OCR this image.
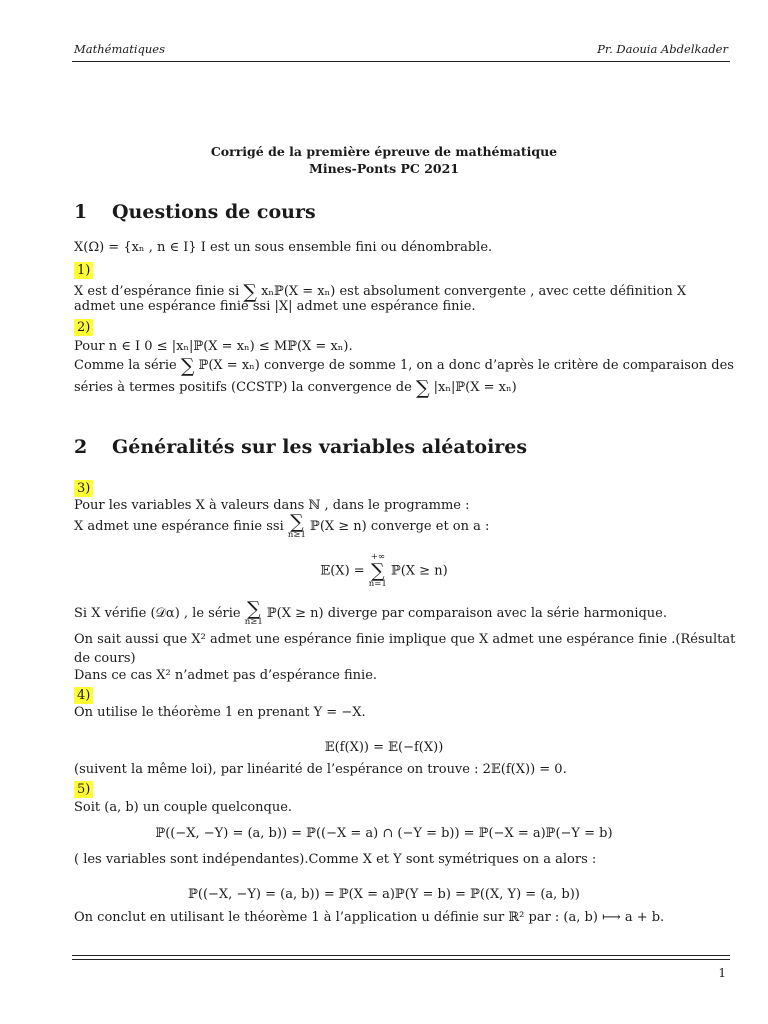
Mathématiques	Pr. Daouia Abdelkader
Corrigé de la première épreuve de mathématique
Mines-Ponts PC 2021
1 Questions de cours
X(Ω) = {xₙ , n ∈ I} I est un sous ensemble fini ou dénombrable.
1)
X est d’espérance finie si ∑ xₙℙ(X = xₙ) est absolument convergente , avec cette définition X
admet une espérance finie ssi |X| admet une espérance finie.
2)
Pour n ∈ I 0 ≤ |xₙ|ℙ(X = xₙ) ≤ Mℙ(X = xₙ).
Comme la série ∑ ℙ(X = xₙ) converge de somme 1, on a donc d’après le critère de comparaison des
séries à termes positifs (CCSTP) la convergence de ∑ |xₙ|ℙ(X = xₙ)
2 Généralités sur les variables aléatoires
3)
Pour les variables X à valeurs dans ℕ , dans le programme :
X admet une espérance finie ssi ∑
n≥1
ℙ(X ≥ n) converge et on a :
𝔼(X) =
+∞
∑
n=1
ℙ(X ≥ n)
Si X vérifie (𝒟α) , le série ∑
n≥1
ℙ(X ≥ n) diverge par comparaison avec la série harmonique.
On sait aussi que X² admet une espérance finie implique que X admet une espérance finie .(Résultat
de cours)
Dans ce cas X² n’admet pas d’espérance finie.
4)
On utilise le théorème 1 en prenant Y = −X.
𝔼(f(X)) = 𝔼(−f(X))
(suivent la même loi), par linéarité de l’espérance on trouve : 2𝔼(f(X)) = 0.
5)
Soit (a, b) un couple quelconque.
ℙ((−X, −Y) = (a, b)) = ℙ((−X = a) ∩ (−Y = b)) = ℙ(−X = a)ℙ(−Y = b)
( les variables sont indépendantes).Comme X et Y sont symétriques on a alors :
ℙ((−X, −Y) = (a, b)) = ℙ(X = a)ℙ(Y = b) = ℙ((X, Y) = (a, b))
On conclut en utilisant le théorème 1 à l’application u définie sur ℝ² par : (a, b) ⟼ a + b.
1
